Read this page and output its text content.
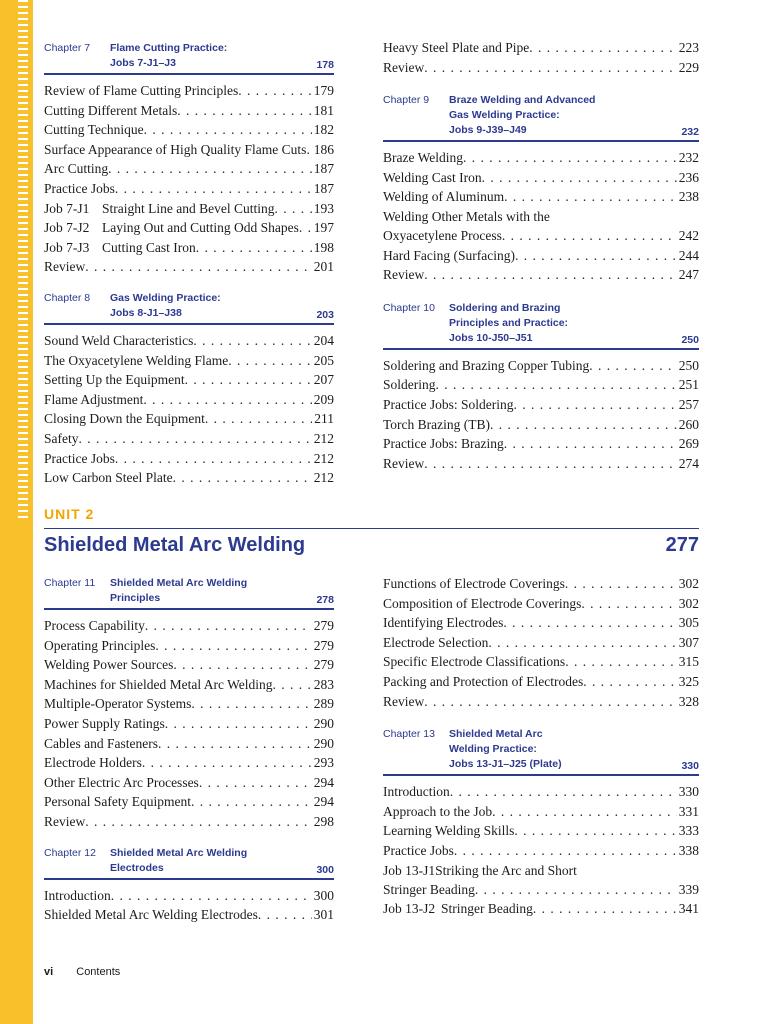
Chapter 7 Flame Cutting Practice:
Jobs 7-J1–J3	178
Review of Flame Cutting Principles . . .	179
Cutting Different Metals . . .	181
Cutting Technique . . .	182
Surface Appearance of High Quality Flame Cuts . . . 186
Arc Cutting . . .	187
Practice Jobs . . .	187
Job 7-J1 Straight Line and Bevel Cutting . . .	193
Job 7-J2 Laying Out and Cutting Odd Shapes . . . 197
Job 7-J3 Cutting Cast Iron . . .	198
Review . . .	201
Chapter 8 Gas Welding Practice:
Jobs 8-J1–J38	203
Sound Weld Characteristics . . .	204
The Oxyacetylene Welding Flame . . .	205
Setting Up the Equipment . . .	207
Flame Adjustment . . .	209
Closing Down the Equipment . . .	211
Safety . . .	212
Practice Jobs . . .	212
Low Carbon Steel Plate . . .	212
Heavy Steel Plate and Pipe . . .	223
Review . . .	229
Chapter 9 Braze Welding and Advanced
Gas Welding Practice:
Jobs 9-J39–J49	232
Braze Welding . . .	232
Welding Cast Iron . . .	236
Welding of Aluminum . . .	238
Welding Other Metals with the
Oxyacetylene Process . . .	242
Hard Facing (Surfacing) . . .	244
Review . . .	247
Chapter 10 Soldering and Brazing
Principles and Practice:
Jobs 10-J50–J51	250
Soldering and Brazing Copper Tubing . . .	250
Soldering . . .	251
Practice Jobs: Soldering . . .	257
Torch Brazing (TB) . . .	260
Practice Jobs: Brazing . . .	269
Review . . .	274
UNIT 2
Shielded Metal Arc Welding	277
Chapter 11 Shielded Metal Arc Welding
Principles	278
Process Capability . . .	279
Operating Principles . . .	279
Welding Power Sources . . .	279
Machines for Shielded Metal Arc Welding . . .	283
Multiple-Operator Systems . . .	289
Power Supply Ratings . . .	290
Cables and Fasteners . . .	290
Electrode Holders . . .	293
Other Electric Arc Processes . . .	294
Personal Safety Equipment . . .	294
Review . . .	298
Chapter 12 Shielded Metal Arc Welding
Electrodes	300
Introduction . . .	300
Shielded Metal Arc Welding Electrodes . . .	301
Functions of Electrode Coverings . . .	302
Composition of Electrode Coverings . . .	302
Identifying Electrodes . . .	305
Electrode Selection . . .	307
Specific Electrode Classifications . . .	315
Packing and Protection of Electrodes . . .	325
Review . . .	328
Chapter 13 Shielded Metal Arc
Welding Practice:
Jobs 13-J1–J25 (Plate)	330
Introduction . . .	330
Approach to the Job . . .	331
Learning Welding Skills . . .	333
Practice Jobs . . .	338
Job 13-J1Striking the Arc and Short
Stringer Beading . . .	339
Job 13-J2 Stringer Beading . . .	341
vi Contents
